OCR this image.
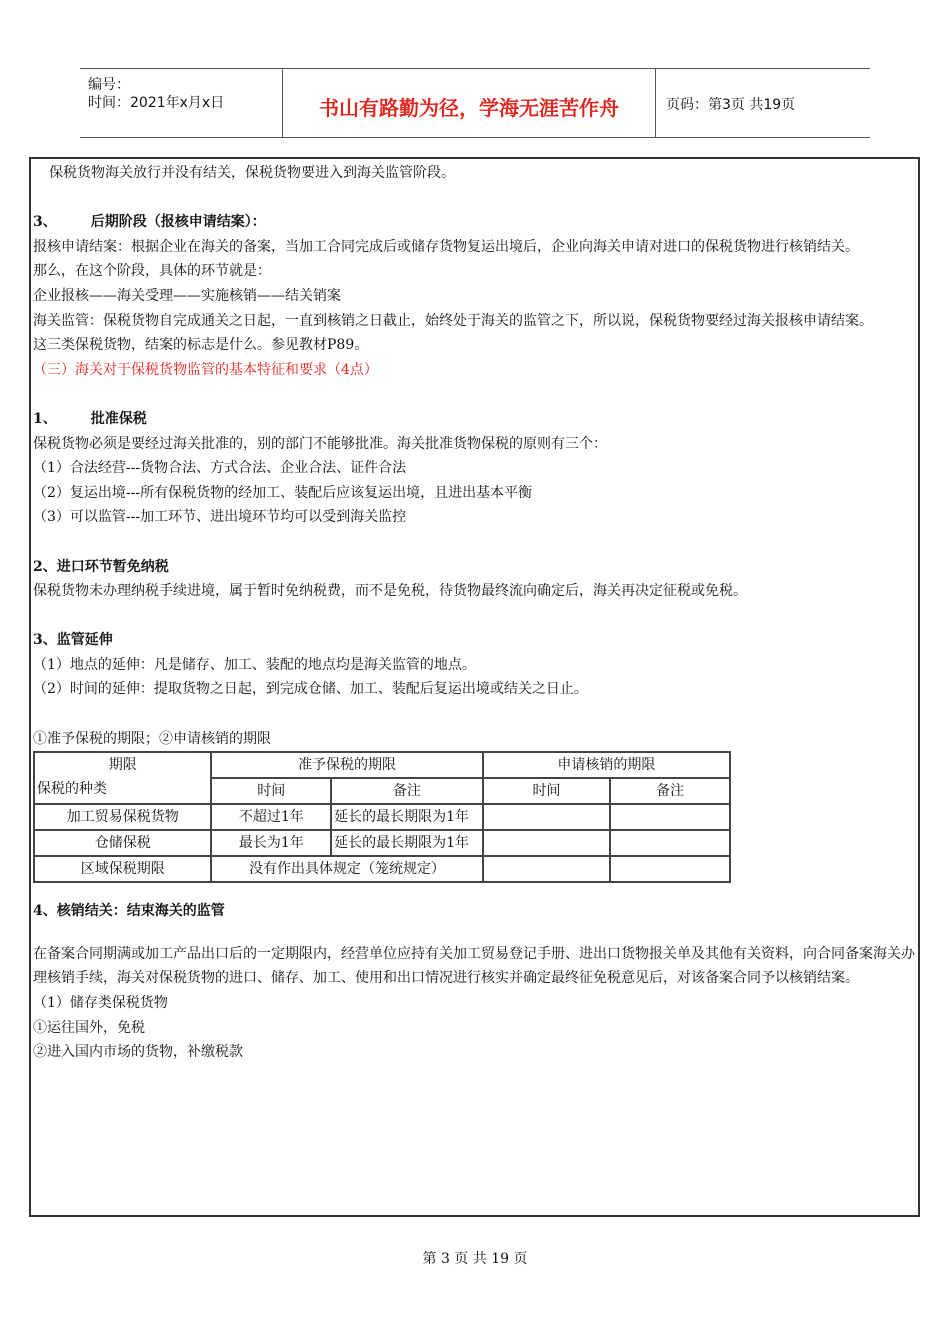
编号：
时间：2021年x月x日	书山有路勤为径，学海无涯苦作舟	页码：第3页 共19页

保税货物海关放行并没有结关，保税货物要进入到海关监管阶段。

3、 后期阶段（报核申请结案）：

报核申请结案：根据企业在海关的备案，当加工合同完成后或储存货物复运出境后，企业向海关申请对进口的保税货物进行核销结关。

那么，在这个阶段，具体的环节就是：

企业报核——海关受理——实施核销——结关销案

海关监管：保税货物自完成通关之日起，一直到核销之日截止，始终处于海关的监管之下，所以说，保税货物要经过海关报核申请结案。

这三类保税货物，结案的标志是什么。参见教材P89。

（三）海关对于保税货物监管的基本特征和要求（4点）

1、 批准保税

保税货物必须是要经过海关批准的，别的部门不能够批准。海关批准货物保税的原则有三个：

（1）合法经营---货物合法、方式合法、企业合法、证件合法

（2）复运出境---所有保税货物的经加工、装配后应该复运出境，且进出基本平衡

（3）可以监管---加工环节、进出境环节均可以受到海关监控

2、进口环节暂免纳税

保税货物未办理纳税手续进境，属于暂时免纳税费，而不是免税，待货物最终流向确定后，海关再决定征税或免税。

3、监管延伸

（1）地点的延伸：凡是储存、加工、装配的地点均是海关监管的地点。

（2）时间的延伸：提取货物之日起，到完成仓储、加工、装配后复运出境或结关之日止。

①准予保税的期限；②申请核销的期限

期限
保税的种类	准予保税的期限		申请核销的期限	
	时间	备注	时间	备注
加工贸易保税货物	不超过1年	延长的最长期限为1年		
仓储保税	最长为1年	延长的最长期限为1年		
区域保税期限	没有作出具体规定（笼统规定）			

4、核销结关：结束海关的监管

在备案合同期满或加工产品出口后的一定期限内，经营单位应持有关加工贸易登记手册、进出口货物报关单及其他有关资料，向合同备案海关办理核销手续，海关对保税货物的进口、储存、加工、使用和出口情况进行核实并确定最终征免税意见后，对该备案合同予以核销结案。

（1）储存类保税货物

①运往国外，免税

②进入国内市场的货物，补缴税款

第 3 页 共 19 页
